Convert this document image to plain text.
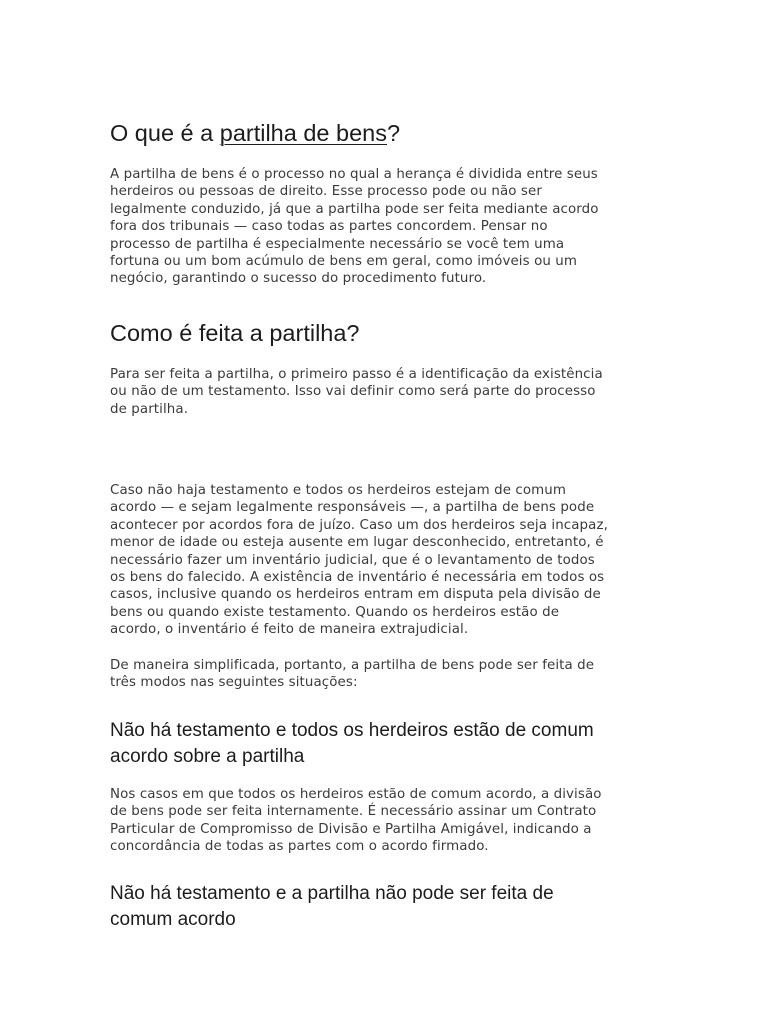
O que é a partilha de bens?

A partilha de bens é o processo no qual a herança é dividida entre seus
herdeiros ou pessoas de direito. Esse processo pode ou não ser
legalmente conduzido, já que a partilha pode ser feita mediante acordo
fora dos tribunais — caso todas as partes concordem. Pensar no
processo de partilha é especialmente necessário se você tem uma
fortuna ou um bom acúmulo de bens em geral, como imóveis ou um
negócio, garantindo o sucesso do procedimento futuro.

Como é feita a partilha?

Para ser feita a partilha, o primeiro passo é a identificação da existência
ou não de um testamento. Isso vai definir como será parte do processo
de partilha.

Caso não haja testamento e todos os herdeiros estejam de comum
acordo — e sejam legalmente responsáveis —, a partilha de bens pode
acontecer por acordos fora de juízo. Caso um dos herdeiros seja incapaz,
menor de idade ou esteja ausente em lugar desconhecido, entretanto, é
necessário fazer um inventário judicial, que é o levantamento de todos
os bens do falecido. A existência de inventário é necessária em todos os
casos, inclusive quando os herdeiros entram em disputa pela divisão de
bens ou quando existe testamento. Quando os herdeiros estão de
acordo, o inventário é feito de maneira extrajudicial.

De maneira simplificada, portanto, a partilha de bens pode ser feita de
três modos nas seguintes situações:

Não há testamento e todos os herdeiros estão de comum
acordo sobre a partilha

Nos casos em que todos os herdeiros estão de comum acordo, a divisão
de bens pode ser feita internamente. É necessário assinar um Contrato
Particular de Compromisso de Divisão e Partilha Amigável, indicando a
concordância de todas as partes com o acordo firmado.

Não há testamento e a partilha não pode ser feita de
comum acordo
